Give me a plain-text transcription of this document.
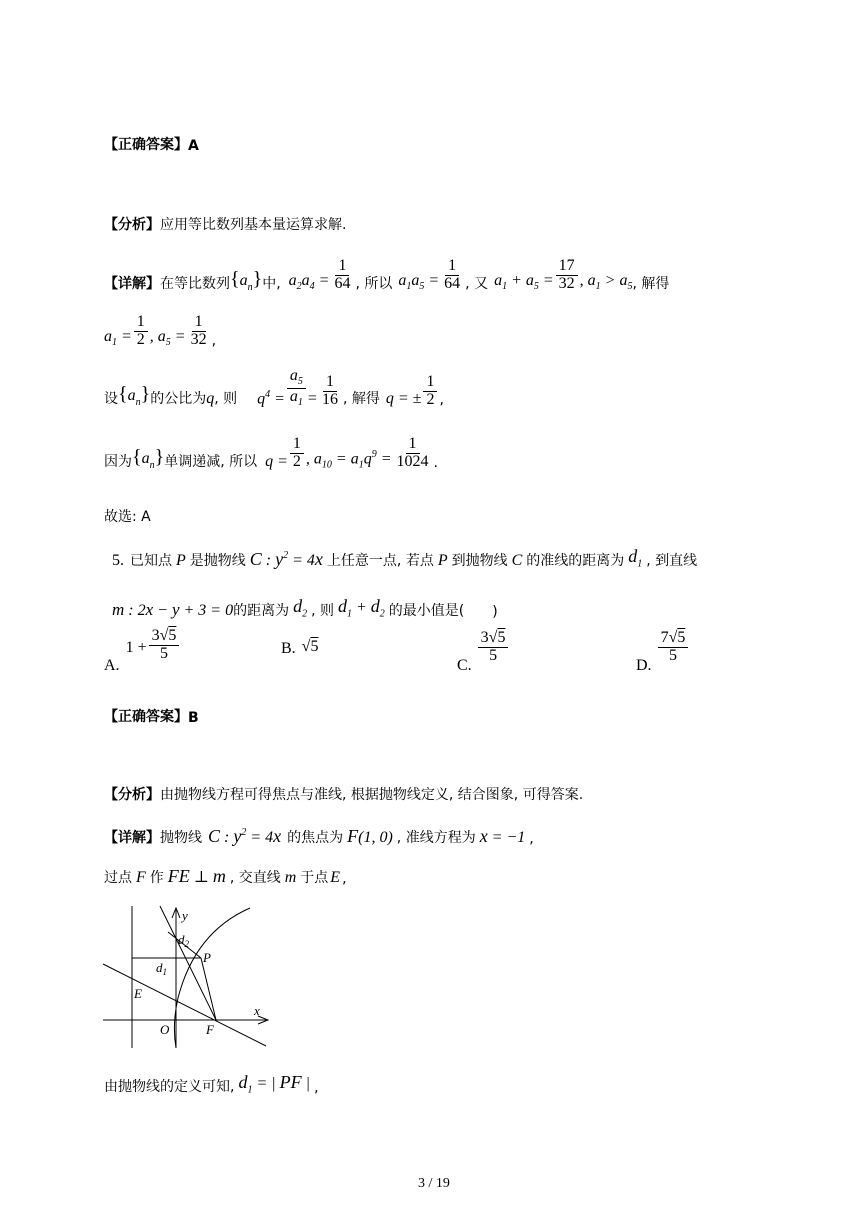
【正确答案】 A
【分析】 应用等比数列基本量运算求解.
【详解】 在等比数列 $\{a_n\}$ 中, $a_2a_4 = \frac{1}{64}$ , 所以 $a_1a_5 = \frac{1}{64}$ , 又 $a_1 + a_5 = \frac{17}{32}$ , $a_1 > a_5$ , 解得
$a_1 = \frac{1}{2}$ , $a_5 = \frac{1}{32}$ ,
设 $\{a_n\}$ 的公比为 q , 则 $q^4 = \frac{a_5}{a_1} = \frac{1}{16}$ , 解得 q = ± $\frac{1}{2}$ ,
因为 $\{a_n\}$ 单调递减, 所以 $q = \frac{1}{2}$ , $a_{10} = a_1q^9 = \frac{1}{1024}$ .
故选: A
5. 已知点 P 是抛物线 C : $y^2 = 4x$ 上任意一点, 若点 P 到抛物线 C 的准线的距离为 $d_1$ , 到直线
m : 2x − y + 3 = 0 的距离为 $d_2$ , 则 $d_1 + d_2$ 的最小值是( )
A.
$1 + \frac{3√5}{5}$	B. √5
C.
$\frac{3√5}{5}$
D.
$\frac{7√5}{5}$
【正确答案】 B
【分析】 由抛物线方程可得焦点与准线, 根据抛物线定义, 结合图象, 可得答案.
【详解】 抛物线 C : $y^2 = 4x$ 的焦点为 F(1, 0) , 准线方程为 x = −1 ,
过点 F 作 FE ⊥ m , 交直线 m 于点 E ,
y
x
$d_2$
$d_1$
P
E
O	F
由抛物线的定义可知, $d_1$ = | PF | ,
3 / 19
